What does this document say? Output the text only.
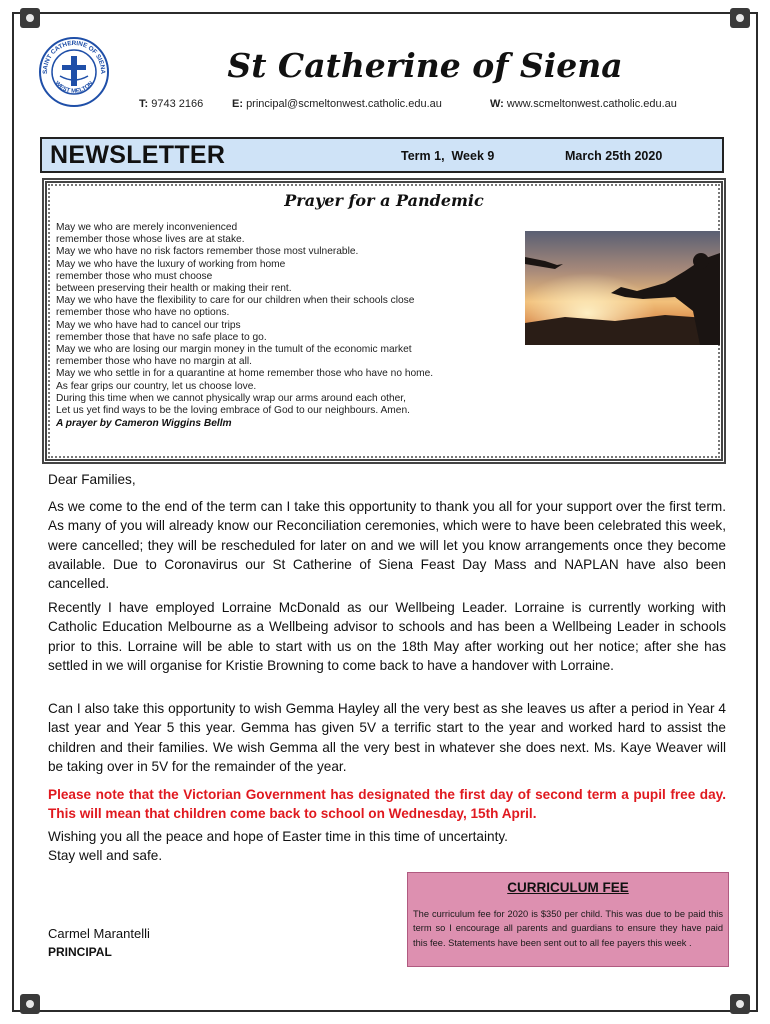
SAINT CATHERINE OF SIENA
WEST MELTON	St Catherine of Siena
T: 9743 2166	E: principal@scmeltonwest.catholic.edu.au	W: www.scmeltonwest.catholic.edu.au
NEWSLETTER	Term 1,  Week 9	March 25th 2020
Prayer for a Pandemic
May we who are merely inconvenienced
remember those whose lives are at stake.
May we who have no risk factors remember those most vulnerable.
May we who have the luxury of working from home
remember those who must choose
between preserving their health or making their rent.
May we who have the flexibility to care for our children when their schools close
remember those who have no options.
May we who have had to cancel our trips
remember those that have no safe place to go.
May we who are losing our margin money in the tumult of the economic market
remember those who have no margin at all.
May we who settle in for a quarantine at home remember those who have no home.
As fear grips our country, let us choose love.
During this time when we cannot physically wrap our arms around each other,
Let us yet find ways to be the loving embrace of God to our neighbours. Amen.
A prayer by Cameron Wiggins Bellm
Dear Families,
As we come to the end of the term can I take this opportunity to thank you all for your support over the first term. As many of you will already know our Reconciliation ceremonies, which were to have been celebrated this week, were cancelled; they will be rescheduled for later on and we will let you know arrangements once they become available. Due to Coronavirus our St Catherine of Siena Feast Day Mass and NAPLAN have also been cancelled.
Recently I have employed Lorraine McDonald as our Wellbeing Leader. Lorraine is currently working with Catholic Education Melbourne as a Wellbeing advisor to schools and has been a Wellbeing Leader in schools prior to this. Lorraine will be able to start with us on the 18th May after working out her notice; after she has settled in we will organise for Kristie Browning to come back to have a handover with Lorraine.
Can I also take this opportunity to wish Gemma Hayley all the very best as she leaves us after a period in Year 4 last year and Year 5 this year. Gemma has given 5V a terrific start to the year and worked hard to assist the children and their families. We wish Gemma all the very best in whatever she does next. Ms. Kaye Weaver will be taking over in 5V for the remainder of the year.
Please note that the Victorian Government has designated the first day of second term a pupil free day. This will mean that children come back to school on Wednesday, 15th April.
Wishing you all the peace and hope of Easter time in this time of uncertainty.
Stay well and safe.
Carmel Marantelli
PRINCIPAL
CURRICULUM FEE
The curriculum fee for 2020 is $350 per child. This was due to be paid this term so I encourage all parents and guardians to ensure they have paid this fee. Statements have been sent out to all fee payers this week .
